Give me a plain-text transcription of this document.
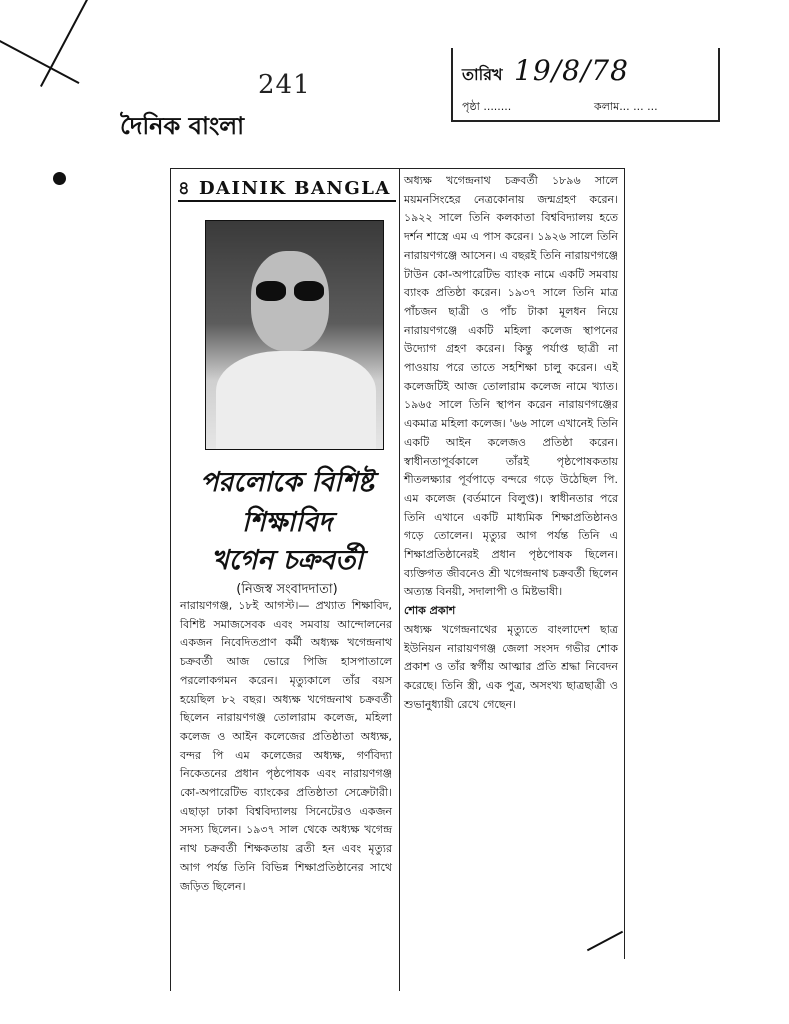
241	তারিখ 19/8/78
পৃষ্ঠা ........	কলাম... ... ...
দৈনিক বাংলা
৪ DAINIK BANGLA
পরলোকে বিশিষ্ট
শিক্ষাবিদ
খগেন চক্রবর্তী
(নিজস্ব সংবাদদাতা)
নারায়ণগঞ্জ, ১৮ই আগস্ট।— প্রখ্যাত শিক্ষাবিদ, বিশিষ্ট সমাজসেবক এবং সমবায় আন্দোলনের একজন নিবেদিতপ্রাণ কর্মী অধ্যক্ষ খগেন্দ্রনাথ চক্রবর্তী আজ ভোরে পিজি হাসপাতালে পরলোকগমন করেন। মৃত্যুকালে তাঁর বয়স হয়েছিল ৮২ বছর। অধ্যক্ষ খগেন্দ্রনাথ চক্রবর্তী ছিলেন নারায়ণগঞ্জ তোলারাম কলেজ, মহিলা কলেজ ও আইন কলেজের প্রতিষ্ঠাতা অধ্যক্ষ, বন্দর পি এম কলেজের অধ্যক্ষ, গর্ণবিদ্যা নিকেতনের প্রধান পৃষ্ঠপোষক এবং নারায়ণগঞ্জ কো-অপারেটিভ ব্যাংকের প্রতিষ্ঠাতা সেক্রেটারী। এছাড়া ঢাকা বিশ্ববিদ্যালয় সিনেটেরও একজন সদস্য ছিলেন। ১৯৩৭ সাল থেকে অধ্যক্ষ খগেন্দ্র নাথ চক্রবর্তী শিক্ষকতায় ব্রতী হন এবং মৃত্যুর আগ পর্যন্ত তিনি বিভিন্ন শিক্ষাপ্রতিষ্ঠানের সাথে জড়িত ছিলেন।
অধ্যক্ষ খগেন্দ্রনাথ চক্রবর্তী ১৮৯৬ সালে ময়মনসিংহের নেত্রকোনায় জন্মগ্রহণ করেন। ১৯২২ সালে তিনি কলকাতা বিশ্ববিদ্যালয় হতে দর্শন শাস্ত্রে এম এ পাস করেন। ১৯২৬ সালে তিনি নারায়ণগঞ্জে আসেন। এ বছরই তিনি নারায়ণগঞ্জে টাউন কো-অপারেটিভ ব্যাংক নামে একটি সমবায় ব্যাংক প্রতিষ্ঠা করেন। ১৯৩৭ সালে তিনি মাত্র পাঁচজন ছাত্রী ও পাঁচ টাকা মূলধন নিয়ে নারায়ণগঞ্জে একটি মহিলা কলেজ স্থাপনের উদ্যোগ গ্রহণ করেন। কিন্তু পর্যাপ্ত ছাত্রী না পাওয়ায় পরে তাতে সহশিক্ষা চালু করেন। এই কলেজটিই আজ তোলারাম কলেজ নামে খ্যাত। ১৯৬৫ সালে তিনি স্থাপন করেন নারায়ণগঞ্জের একমাত্র মহিলা কলেজ। '৬৬ সালে এখানেই তিনি একটি আইন কলেজও প্রতিষ্ঠা করেন। স্বাধীনতাপূর্বকালে তাঁরই পৃষ্ঠপোষকতায় শীতলক্ষ্যার পূর্বপাড়ে বন্দরে গড়ে উঠেছিল পি. এম কলেজ (বর্তমানে বিলুপ্ত)। স্বাধীনতার পরে তিনি এখানে একটি মাধ্যমিক শিক্ষাপ্রতিষ্ঠানও গড়ে তোলেন। মৃত্যুর আগ পর্যন্ত তিনি এ শিক্ষাপ্রতিষ্ঠানেরই প্রধান পৃষ্ঠপোষক ছিলেন। ব্যক্তিগত জীবনেও শ্রী খগেন্দ্রনাথ চক্রবর্তী ছিলেন অত্যন্ত বিনয়ী, সদালাপী ও মিষ্টভাষী।
শোক প্রকাশ
অধ্যক্ষ খগেন্দ্রনাথের মৃত্যুতে বাংলাদেশ ছাত্র ইউনিয়ন নারায়ণগঞ্জ জেলা সংসদ গভীর শোক প্রকাশ ও তাঁর স্বর্গীয় আত্মার প্রতি শ্রদ্ধা নিবেদন করেছে। তিনি স্ত্রী, এক পুত্র, অসংখ্য ছাত্রছাত্রী ও শুভানুধ্যায়ী রেখে গেছেন।
